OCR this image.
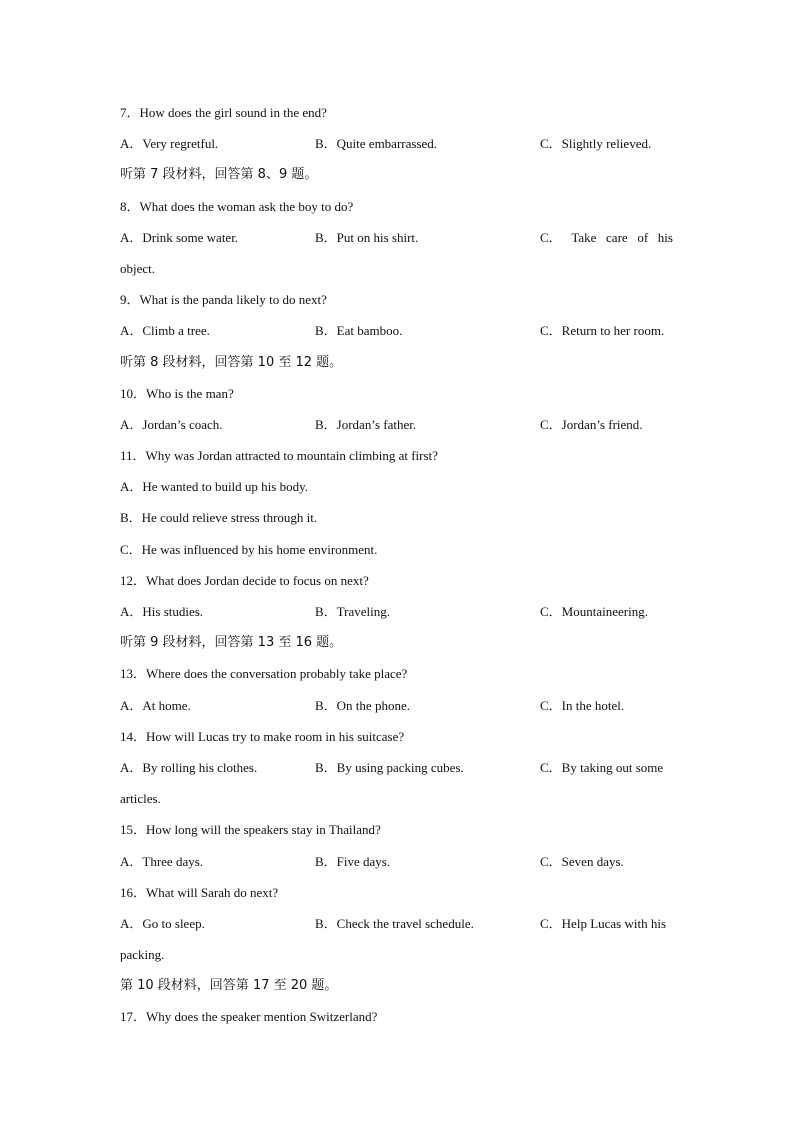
7．How does the girl sound in the end?
A．Very regretful.	B．Quite embarrassed.	C．Slightly relieved.
听第 7 段材料，回答第 8、9 题。
8．What does the woman ask the boy to do?
A．Drink some water.	B．Put on his shirt.	C． Take care of his
object.
9．What is the panda likely to do next?
A．Climb a tree.	B．Eat bamboo.	C．Return to her room.
听第 8 段材料，回答第 10 至 12 题。
10．Who is the man?
A．Jordan’s coach.	B．Jordan’s father.	C．Jordan’s friend.
11．Why was Jordan attracted to mountain climbing at first?
A．He wanted to build up his body.
B．He could relieve stress through it.
C．He was influenced by his home environment.
12．What does Jordan decide to focus on next?
A．His studies.	B．Traveling.	C．Mountaineering.
听第 9 段材料，回答第 13 至 16 题。
13．Where does the conversation probably take place?
A．At home.	B．On the phone.	C．In the hotel.
14．How will Lucas try to make room in his suitcase?
A．By rolling his clothes.	B．By using packing cubes.	C．By taking out some
articles.
15．How long will the speakers stay in Thailand?
A．Three days.	B．Five days.	C．Seven days.
16．What will Sarah do next?
A．Go to sleep.	B．Check the travel schedule.	C．Help Lucas with his
packing.
第 10 段材料，回答第 17 至 20 题。
17．Why does the speaker mention Switzerland?
